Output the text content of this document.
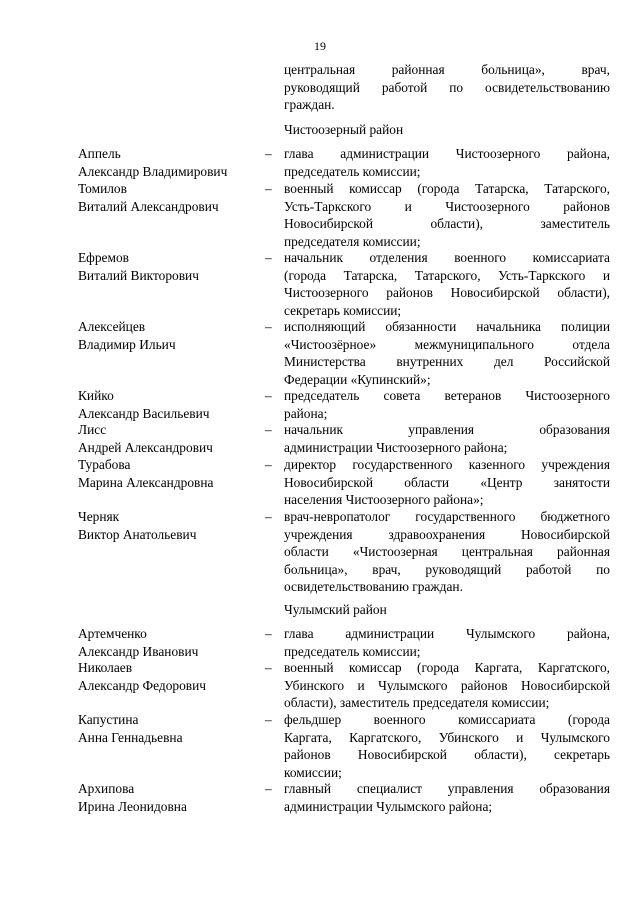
19
центральная районная больница», врач,
руководящий работой по освидетельствованию
граждан.
Чистоозерный район
Аппель
Александр Владимирович
– глава администрации Чистоозерного района,
председатель комиссии;
Томилов
Виталий Александрович
– военный комиссар (города Татарска, Татарского,
Усть-Таркского и Чистоозерного районов
Новосибирской области), заместитель
председателя комиссии;
Ефремов
Виталий Викторович
– начальник отделения военного комиссариата
(города Татарска, Татарского, Усть-Таркского и
Чистоозерного районов Новосибирской области),
секретарь комиссии;
Алексейцев
Владимир Ильич
– исполняющий обязанности начальника полиции
«Чистоозёрное» межмуниципального отдела
Министерства внутренних дел Российской
Федерации «Купинский»;
Кийко
Александр Васильевич
– председатель совета ветеранов Чистоозерного
района;
Лисс
Андрей Александрович
– начальник управления образования
администрации Чистоозерного района;
Турабова
Марина Александровна
– директор государственного казенного учреждения
Новосибирской области «Центр занятости
населения Чистоозерного района»;
Черняк
Виктор Анатольевич
– врач-невропатолог государственного бюджетного
учреждения здравоохранения Новосибирской
области «Чистоозерная центральная районная
больница», врач, руководящий работой по
освидетельствованию граждан.
Чулымский район
Артемченко
Александр Иванович
– глава администрации Чулымского района,
председатель комиссии;
Николаев
Александр Федорович
– военный комиссар (города Каргата, Каргатского,
Убинского и Чулымского районов Новосибирской
области), заместитель председателя комиссии;
Капустина
Анна Геннадьевна
– фельдшер военного комиссариата (города
Каргата, Каргатского, Убинского и Чулымского
районов Новосибирской области), секретарь
комиссии;
Архипова
Ирина Леонидовна
– главный специалист управления образования
администрации Чулымского района;
